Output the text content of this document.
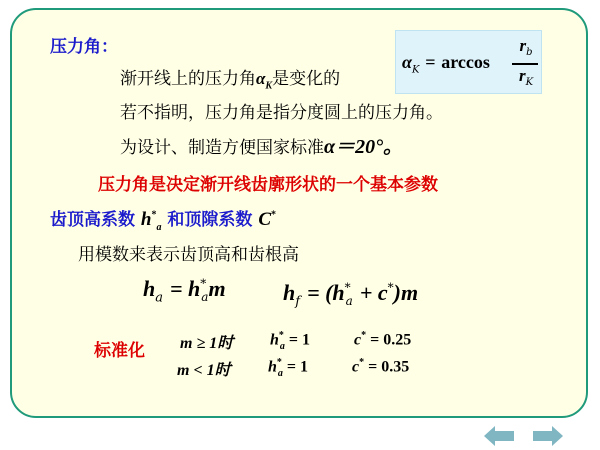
压力角：
渐开线上的压力角$\alpha_K$是变化的
$\alpha_K = \arccos$
$r_b$
$r_K$
若不指明，压力角是指分度圆上的压力角。
为设计、制造方便国家标准α＝20°。
压力角是决定渐开线齿廓形状的一个基本参数
齿顶高系数 $h^*_a$ 和顶隙系数 C*
用模数来表示齿顶高和齿根高
$h_a = h^*_am$	$h_f = (h^*_a + c^*)m$
标准化 m ≥ 1时 $h^*_a = 1$	c* = 0.25
m < 1时 $h^*_a = 1$	c* = 0.35
